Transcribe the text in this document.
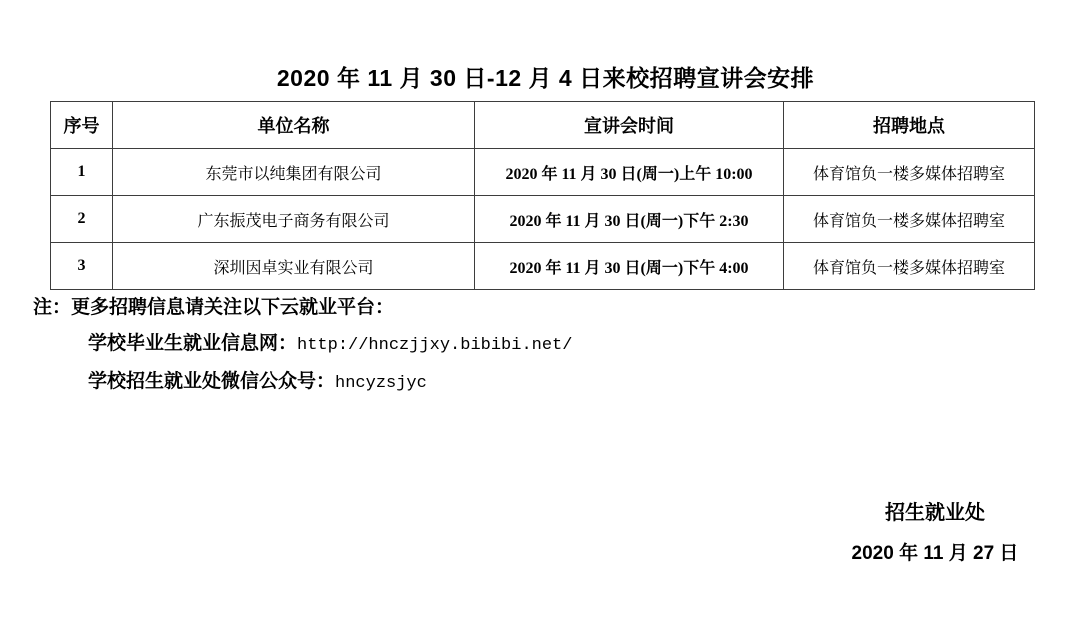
2020 年 11 月 30 日-12 月 4 日来校招聘宣讲会安排
序号	单位名称	宣讲会时间	招聘地点
1	东莞市以纯集团有限公司	2020 年 11 月 30 日(周一)上午 10:00	体育馆负一楼多媒体招聘室
2	广东振茂电子商务有限公司	2020 年 11 月 30 日(周一)下午 2:30	体育馆负一楼多媒体招聘室
3	深圳因卓实业有限公司	2020 年 11 月 30 日(周一)下午 4:00	体育馆负一楼多媒体招聘室
注：更多招聘信息请关注以下云就业平台：
学校毕业生就业信息网：http://hnczjjxy.bibibi.net/
学校招生就业处微信公众号：hncyzsjyc
招生就业处
2020 年 11 月 27 日
